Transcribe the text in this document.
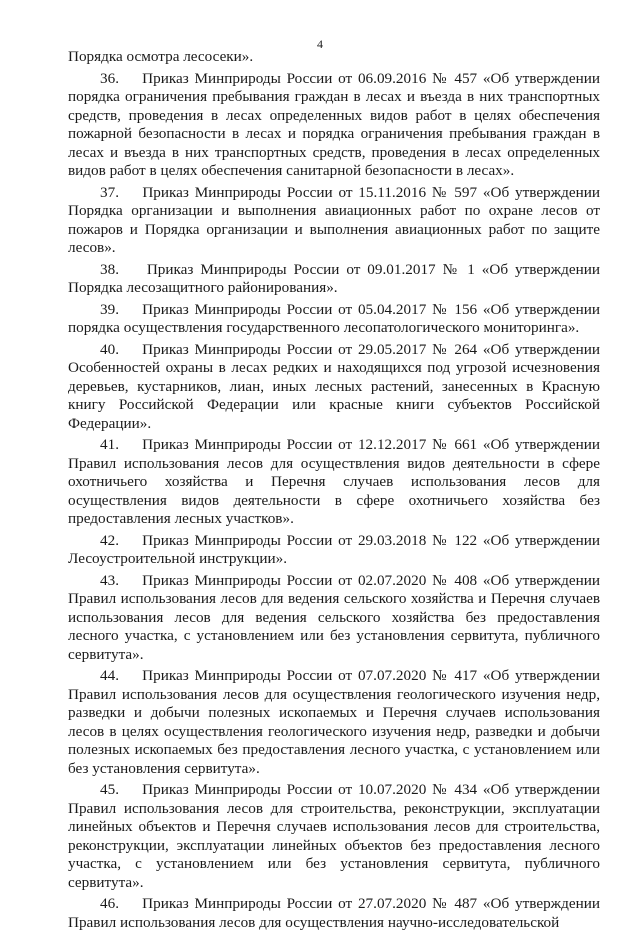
4

Порядка осмотра лесосеки».

36. Приказ Минприроды России от 06.09.2016 № 457 «Об утверждении порядка ограничения пребывания граждан в лесах и въезда в них транспортных средств, проведения в лесах определенных видов работ в целях обеспечения пожарной безопасности в лесах и порядка ограничения пребывания граждан в лесах и въезда в них транспортных средств, проведения в лесах определенных видов работ в целях обеспечения санитарной безопасности в лесах».

37. Приказ Минприроды России от 15.11.2016 № 597 «Об утверждении Порядка организации и выполнения авиационных работ по охране лесов от пожаров и Порядка организации и выполнения авиационных работ по защите лесов».

38. Приказ Минприроды России от 09.01.2017 № 1 «Об утверждении Порядка лесозащитного районирования».

39. Приказ Минприроды России от 05.04.2017 № 156 «Об утверждении порядка осуществления государственного лесопатологического мониторинга».

40. Приказ Минприроды России от 29.05.2017 № 264 «Об утверждении Особенностей охраны в лесах редких и находящихся под угрозой исчезновения деревьев, кустарников, лиан, иных лесных растений, занесенных в Красную книгу Российской Федерации или красные книги субъектов Российской Федерации».

41. Приказ Минприроды России от 12.12.2017 № 661 «Об утверждении Правил использования лесов для осуществления видов деятельности в сфере охотничьего хозяйства и Перечня случаев использования лесов для осуществления видов деятельности в сфере охотничьего хозяйства без предоставления лесных участков».

42. Приказ Минприроды России от 29.03.2018 № 122 «Об утверждении Лесоустроительной инструкции».

43. Приказ Минприроды России от 02.07.2020 № 408 «Об утверждении Правил использования лесов для ведения сельского хозяйства и Перечня случаев использования лесов для ведения сельского хозяйства без предоставления лесного участка, с установлением или без установления сервитута, публичного сервитута».

44. Приказ Минприроды России от 07.07.2020 № 417 «Об утверждении Правил использования лесов для осуществления геологического изучения недр, разведки и добычи полезных ископаемых и Перечня случаев использования лесов в целях осуществления геологического изучения недр, разведки и добычи полезных ископаемых без предоставления лесного участка, с установлением или без установления сервитута».

45. Приказ Минприроды России от 10.07.2020 № 434 «Об утверждении Правил использования лесов для строительства, реконструкции, эксплуатации линейных объектов и Перечня случаев использования лесов для строительства, реконструкции, эксплуатации линейных объектов без предоставления лесного участка, с установлением или без установления сервитута, публичного сервитута».

46. Приказ Минприроды России от 27.07.2020 № 487 «Об утверждении Правил использования лесов для осуществления научно-исследовательской
